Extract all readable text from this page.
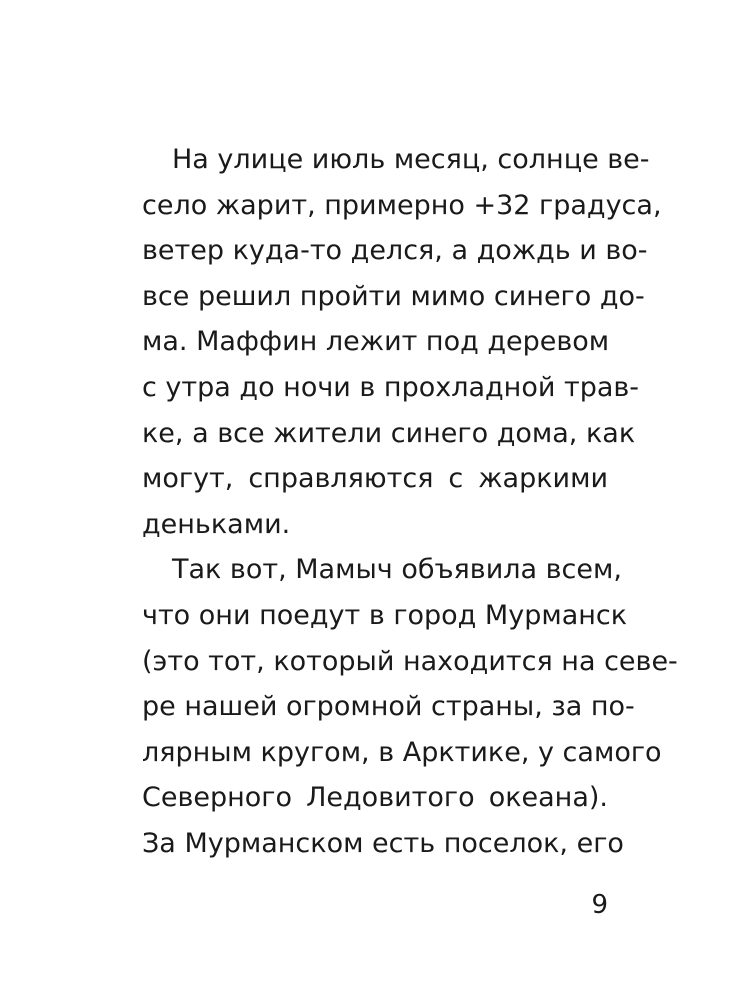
На улице июль месяц, солнце ве-
село жарит, примерно +32 градуса,
ветер куда-то делся, а дождь и во-
все решил пройти мимо синего до-
ма. Маффин лежит под деревом
с утра до ночи в прохладной трав-
ке, а все жители синего дома, как
могут, справляются с жаркими
деньками.

Так вот, Мамыч объявила всем,
что они поедут в город Мурманск
(это тот, который находится на севе-
ре нашей огромной страны, за по-
лярным кругом, в Арктике, у самого
Северного Ледовитого океана).
За Мурманском есть поселок, его

9
